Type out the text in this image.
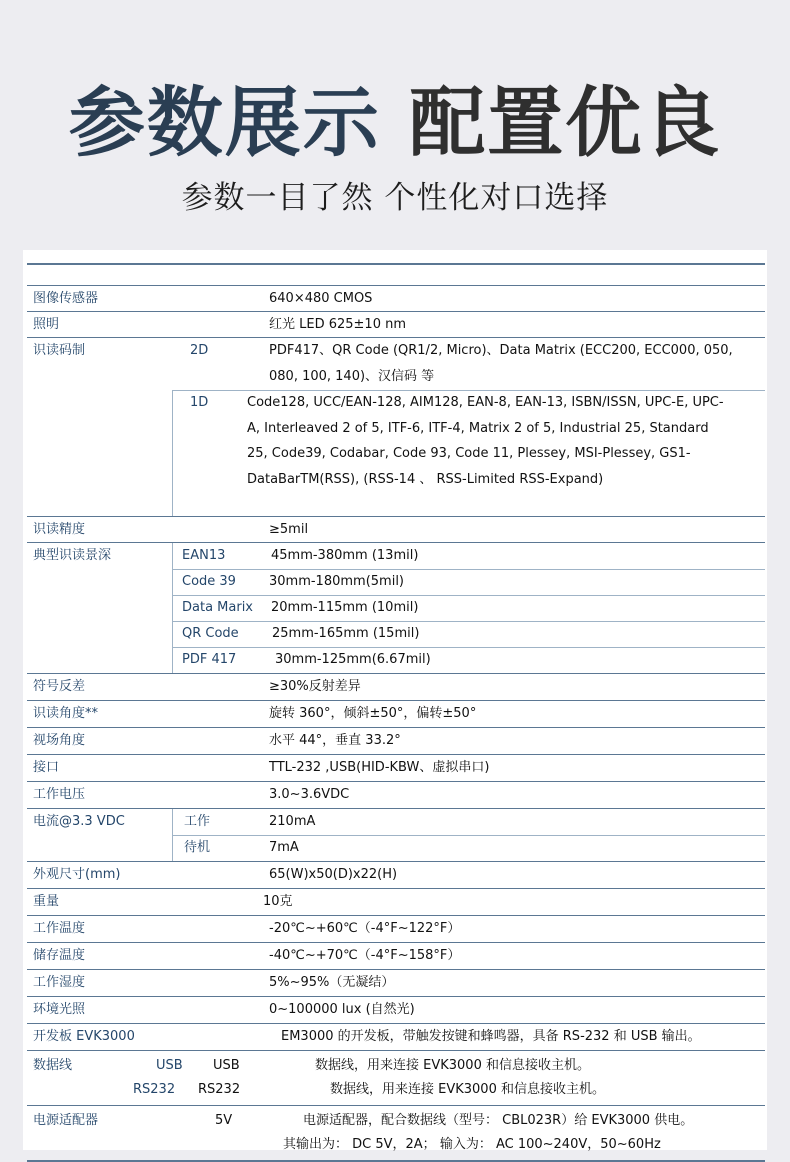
参数展示 配置优良
参数一目了然 个性化对口选择
图像传感器	640×480 CMOS
照明	红光 LED 625±10 nm
识读码制	2D	PDF417、QR Code (QR1/2, Micro)、Data Matrix (ECC200, ECC000, 050, 080, 100, 140)、汉信码 等
1D	Code128, UCC/EAN-128, AIM128, EAN-8, EAN-13, ISBN/ISSN, UPC-E, UPC-A, Interleaved 2 of 5, ITF-6, ITF-4, Matrix 2 of 5, Industrial 25, Standard 25, Code39, Codabar, Code 93, Code 11, Plessey, MSI-Plessey, GS1-DataBarTM(RSS), (RSS-14 、 RSS-Limited RSS-Expand)
识读精度	≥5mil
典型识读景深	EAN13	45mm-380mm (13mil)
Code 39	30mm-180mm(5mil)
Data Marix 20mm-115mm (10mil)
QR Code	25mm-165mm (15mil)
PDF 417	30mm-125mm(6.67mil)
符号反差	≥30%反射差异
识读角度**	旋转 360°，倾斜±50°，偏转±50°
视场角度	水平 44°，垂直 33.2°
接口	TTL-232 ,USB(HID-KBW、虚拟串口)
工作电压	3.0~3.6VDC
电流@3.3 VDC	工作	210mA
待机	7mA
外观尺寸(mm)	65(W)x50(D)x22(H)
重量	10克
工作温度	-20℃~+60℃（-4°F~122°F）
储存温度	-40℃~+70℃（-4°F~158°F）
工作湿度	5%~95%（无凝结）
环境光照	0~100000 lux (自然光)
开发板 EVK3000	EM3000 的开发板，带触发按键和蜂鸣器，具备 RS-232 和 USB 输出。
数据线	USB USB	数据线，用来连接 EVK3000 和信息接收主机。
RS232 RS232	数据线，用来连接 EVK3000 和信息接收主机。
电源适配器	5V	电源适配器，配合数据线（型号： CBL023R）给 EVK3000 供电。
其输出为： DC 5V，2A； 输入为： AC 100~240V，50~60Hz
